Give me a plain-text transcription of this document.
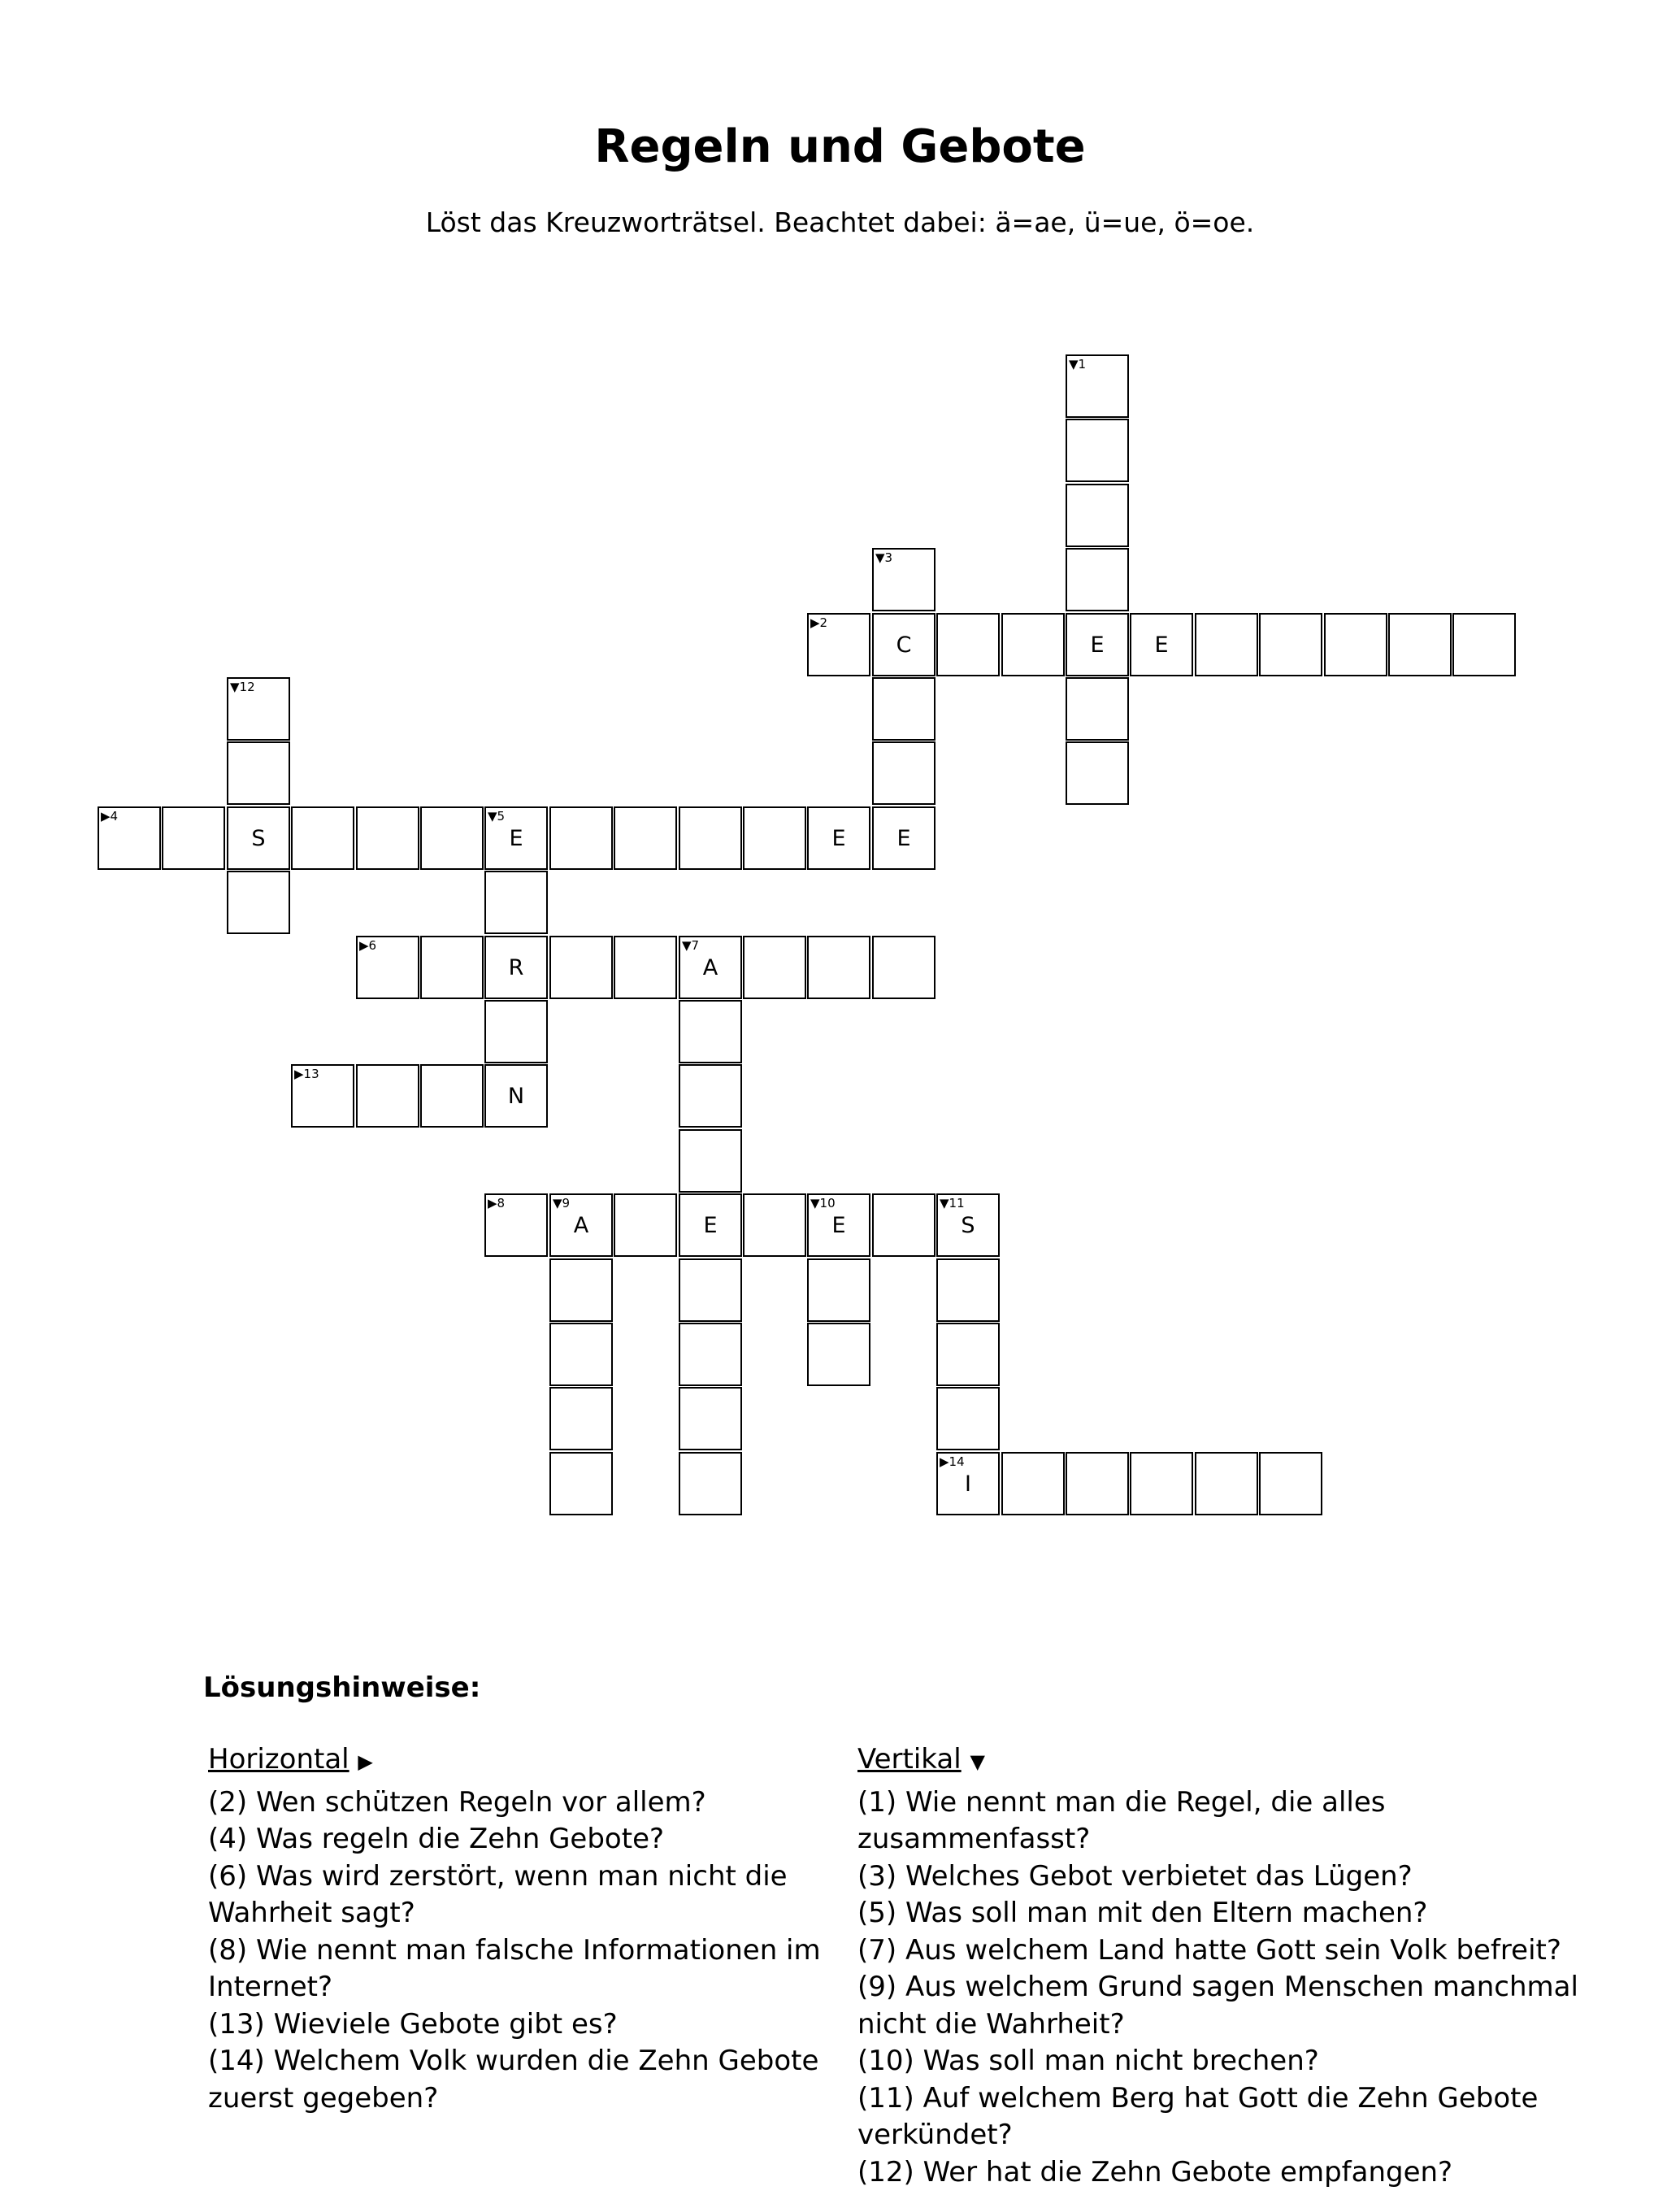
Regeln und Gebote

Löst das Kreuzworträtsel. Beachtet dabei: ä=ae, ü=ue, ö=oe.

▼1
E
▶2
C	E
▼3
E
▶4
S
▼5
E	E
R
N
▶6	▼7
A
E
▶8	▼9
A
▼10
E
▼11
S
▶14
I
▼12
▶13
Lösungshinweise:
Horizontal ▶
(2) Wen schützen Regeln vor allem?
(4) Was regeln die Zehn Gebote?
(6) Was wird zerstört, wenn man nicht die Wahrheit sagt?
(8) Wie nennt man falsche Informationen im Internet?
(13) Wieviele Gebote gibt es?
(14) Welchem Volk wurden die Zehn Gebote zuerst gegeben?
Vertikal ▼
(1) Wie nennt man die Regel, die alles zusammenfasst?
(3) Welches Gebot verbietet das Lügen?
(5) Was soll man mit den Eltern machen?
(7) Aus welchem Land hatte Gott sein Volk befreit?
(9) Aus welchem Grund sagen Menschen manchmal nicht die Wahrheit?
(10) Was soll man nicht brechen?
(11) Auf welchem Berg hat Gott die Zehn Gebote verkündet?
(12) Wer hat die Zehn Gebote empfangen?
